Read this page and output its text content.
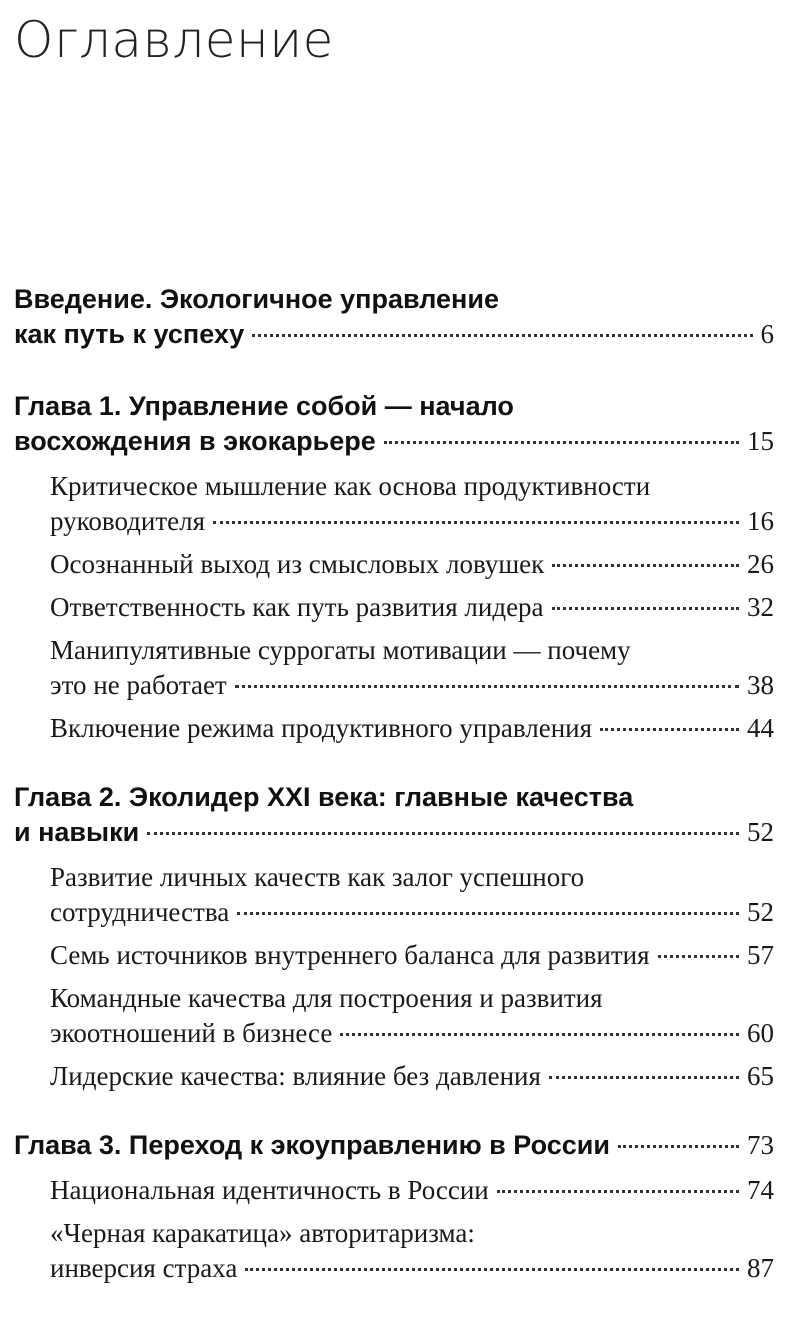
Оглавление
Введение. Экологичное управление
как путь к успеху	6
Глава 1. Управление собой — начало
восхождения в экокарьере	15
Критическое мышление как основа продуктивности
руководителя	16
Осознанный выход из смысловых ловушек	26
Ответственность как путь развития лидера	32
Манипулятивные суррогаты мотивации — почему
это не работает	38
Включение режима продуктивного управления	44
Глава 2. Эколидер XXI века: главные качества
и навыки	52
Развитие личных качеств как залог успешного
сотрудничества	52
Семь источников внутреннего баланса для развития	57
Командные качества для построения и развития
экоотношений в бизнесе	60
Лидерские качества: влияние без давления	65
Глава 3. Переход к экоуправлению в России	73
Национальная идентичность в России	74
«Черная каракатица» авторитаризма:
инверсия страха	87
